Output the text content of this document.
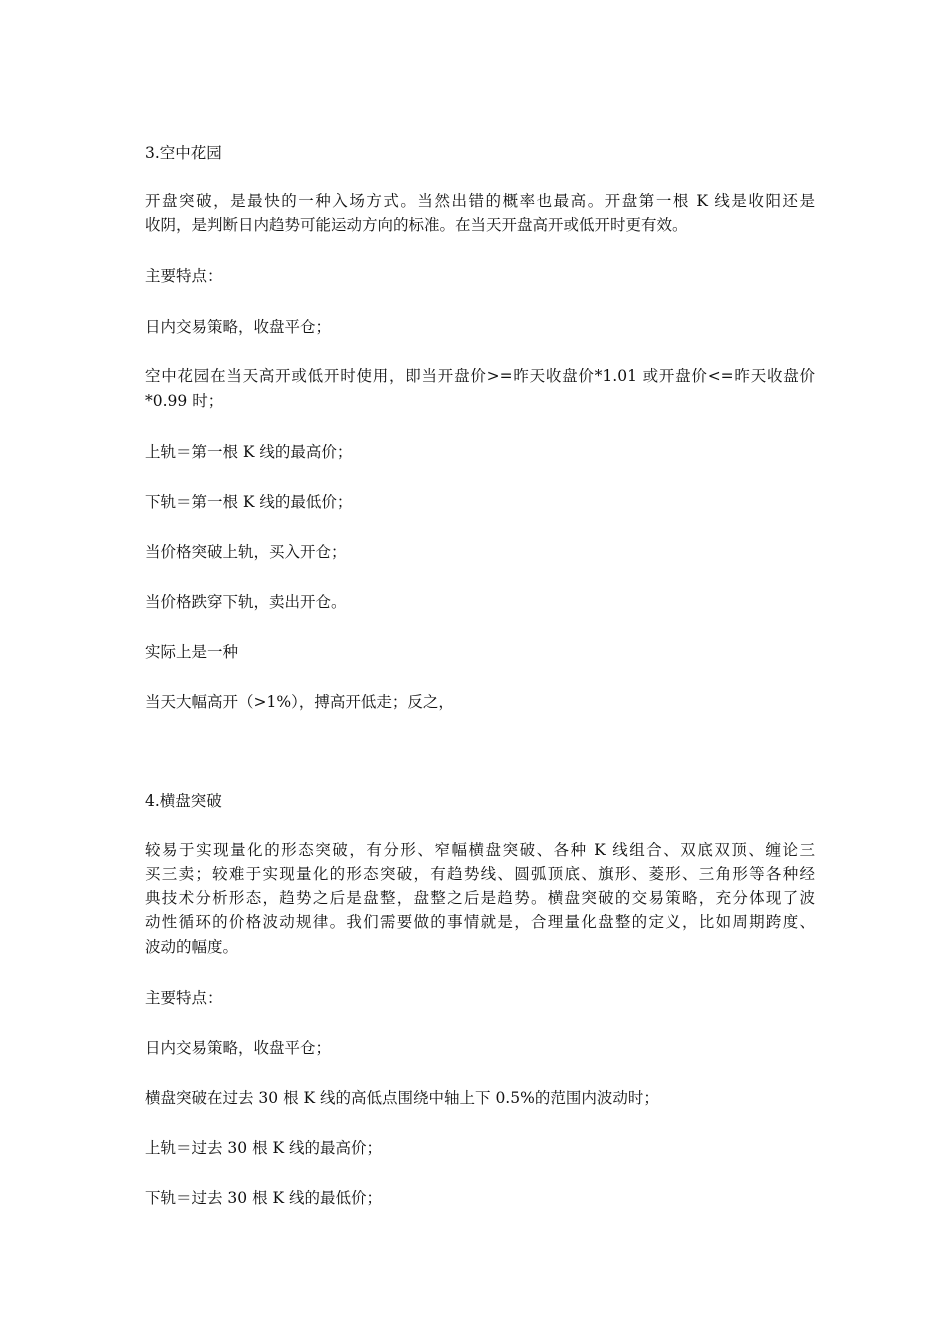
3.空中花园

开盘突破，是最快的一种入场方式。当然出错的概率也最高。开盘第一根 K 线是收阳还是

收阴，是判断日内趋势可能运动方向的标准。在当天开盘高开或低开时更有效。

主要特点：

日内交易策略，收盘平仓；

空中花园在当天高开或低开时使用，即当开盘价>=昨天收盘价*1.01 或开盘价<=昨天收盘价

*0.99 时；

上轨＝第一根 K 线的最高价；

下轨＝第一根 K 线的最低价；

当价格突破上轨，买入开仓；

当价格跌穿下轨，卖出开仓。

实际上是一种

当天大幅高开（>1%），搏高开低走；反之，

4.横盘突破

较易于实现量化的形态突破，有分形、窄幅横盘突破、各种 K 线组合、双底双顶、缠论三

买三卖；较难于实现量化的形态突破，有趋势线、圆弧顶底、旗形、菱形、三角形等各种经

典技术分析形态，趋势之后是盘整，盘整之后是趋势。横盘突破的交易策略，充分体现了波

动性循环的价格波动规律。我们需要做的事情就是，合理量化盘整的定义，比如周期跨度、

波动的幅度。

主要特点：

日内交易策略，收盘平仓；

横盘突破在过去 30 根 K 线的高低点围绕中轴上下 0.5%的范围内波动时；

上轨＝过去 30 根 K 线的最高价；

下轨＝过去 30 根 K 线的最低价；
